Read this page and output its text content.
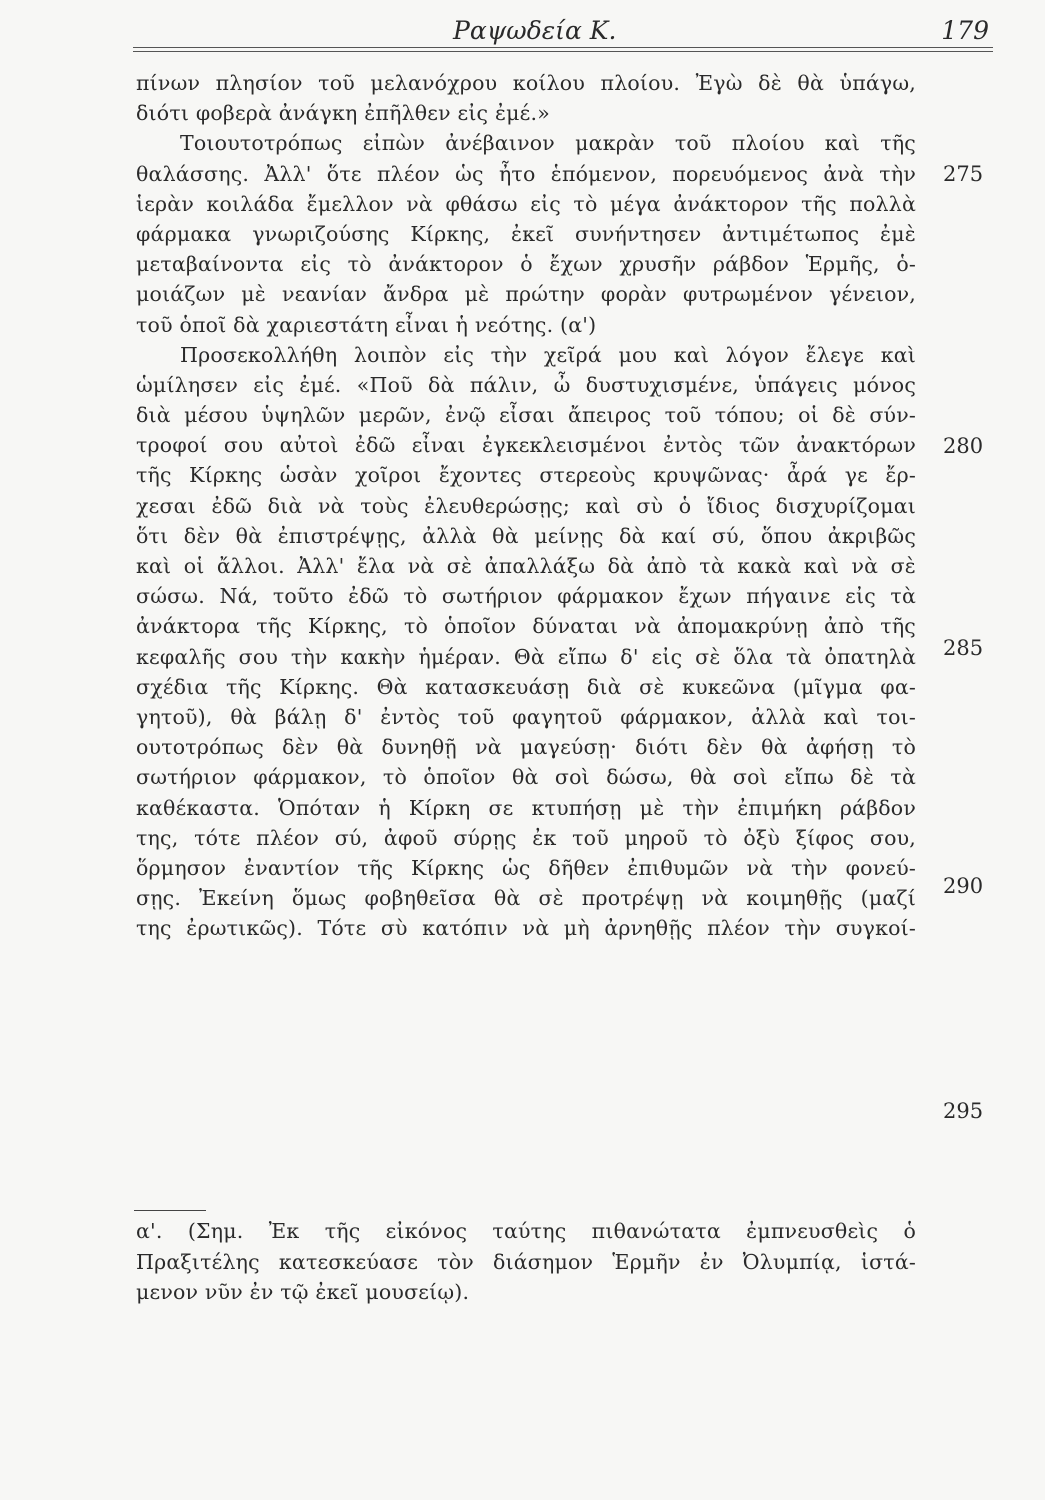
Ραψωδεία Κ.	179
πίνων πλησίον τοῦ μελανόχρου κοίλου πλοίου. Ἐγὼ δὲ θὰ ὑπάγω,
διότι φοβερὰ ἀνάγκη ἐπῆλθεν εἰς ἐμέ.»
Τοιουτοτρόπως εἰπὼν ἀνέβαινον μακρὰν τοῦ πλοίου καὶ τῆς
θαλάσσης. Ἀλλ' ὅτε πλέον ὡς ἦτο ἑπόμενον, πορευόμενος ἀνὰ τὴν
ἱερὰν κοιλάδα ἔμελλον νὰ φθάσω εἰς τὸ μέγα ἀνάκτορον τῆς πολλὰ
φάρμακα γνωριζούσης Κίρκης, ἐκεῖ συνήντησεν ἀντιμέτωπος ἐμὲ
μεταβαίνοντα εἰς τὸ ἀνάκτορον ὁ ἔχων χρυσῆν ράβδον Ἑρμῆς, ὁ-
μοιάζων μὲ νεανίαν ἄνδρα μὲ πρώτην φορὰν φυτρωμένον γένειον,
τοῦ ὁποῖ δὰ χαριεστάτη εἶναι ἡ νεότης. (α')
Προσεκολλήθη λοιπὸν εἰς τὴν χεῖρά μου καὶ λόγον ἔλεγε καὶ
ὡμίλησεν εἰς ἐμέ. «Ποῦ δὰ πάλιν, ὦ δυστυχισμένε, ὑπάγεις μόνος
διὰ μέσου ὑψηλῶν μερῶν, ἐνῷ εἶσαι ἄπειρος τοῦ τόπου; οἱ δὲ σύν-
τροφοί σου αὐτοὶ ἐδῶ εἶναι ἐγκεκλεισμένοι ἐντὸς τῶν ἀνακτόρων
τῆς Κίρκης ὡσὰν χοῖροι ἔχοντες στερεοὺς κρυψῶνας· ἆρά γε ἔρ-
χεσαι ἐδῶ διὰ νὰ τοὺς ἐλευθερώσῃς; καὶ σὺ ὁ ἴδιος δισχυρίζομαι
ὅτι δὲν θὰ ἐπιστρέψῃς, ἀλλὰ θὰ μείνῃς δὰ καί σύ, ὅπου ἀκριβῶς
καὶ οἱ ἄλλοι. Ἀλλ' ἔλα νὰ σὲ ἀπαλλάξω δὰ ἀπὸ τὰ κακὰ καὶ νὰ σὲ
σώσω. Νά, τοῦτο ἐδῶ τὸ σωτήριον φάρμακον ἔχων πήγαινε εἰς τὰ
ἀνάκτορα τῆς Κίρκης, τὸ ὁποῖον δύναται νὰ ἀπομακρύνῃ ἀπὸ τῆς
κεφαλῆς σου τὴν κακὴν ἡμέραν. Θὰ εἴπω δ' εἰς σὲ ὅλα τὰ ὀπατηλὰ
σχέδια τῆς Κίρκης. Θὰ κατασκευάσῃ διὰ σὲ κυκεῶνα (μῖγμα φα-
γητοῦ), θὰ βάλῃ δ' ἐντὸς τοῦ φαγητοῦ φάρμακον, ἀλλὰ καὶ τοι-
ουτοτρόπως δὲν θὰ δυνηθῇ νὰ μαγεύσῃ· διότι δὲν θὰ ἀφήσῃ τὸ
σωτήριον φάρμακον, τὸ ὁποῖον θὰ σοὶ δώσω, θὰ σοὶ εἴπω δὲ τὰ
καθέκαστα. Ὁπόταν ἡ Κίρκη σε κτυπήσῃ μὲ τὴν ἐπιμήκη ράβδον
της, τότε πλέον σύ, ἀφοῦ σύρῃς ἐκ τοῦ μηροῦ τὸ ὀξὺ ξίφος σου,
ὅρμησον ἐναντίον τῆς Κίρκης ὡς δῆθεν ἐπιθυμῶν νὰ τὴν φονεύ-
σῃς. Ἐκείνη ὅμως φοβηθεῖσα θὰ σὲ προτρέψῃ νὰ κοιμηθῇς (μαζί
της ἐρωτικῶς). Τότε σὺ κατόπιν νὰ μὴ ἀρνηθῇς πλέον τὴν συγκοί-
275
280
285
290
295
α'. (Σημ. Ἐκ τῆς εἰκόνος ταύτης πιθανώτατα ἐμπνευσθεὶς ὁ
Πραξιτέλης κατεσκεύασε τὸν διάσημον Ἑρμῆν ἐν Ὀλυμπίᾳ, ἱστά-
μενον νῦν ἐν τῷ ἐκεῖ μουσείῳ).
